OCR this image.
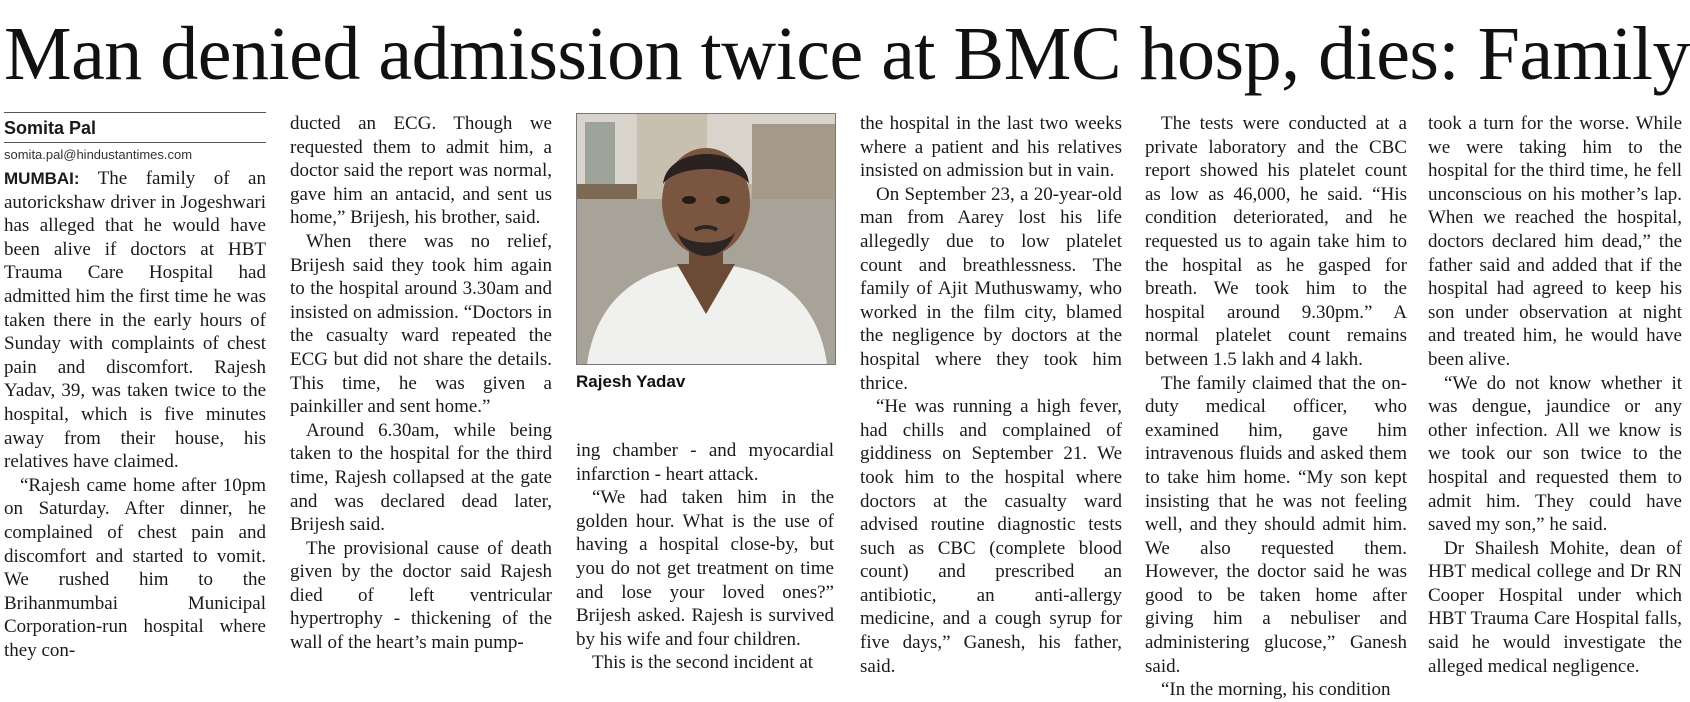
Man denied admission twice at BMC hosp, dies: Family
Somita Pal
somita.pal@hindustantimes.com

MUMBAI: The family of an autorickshaw driver in Jogeshwari has alleged that he would have been alive if doctors at HBT Trauma Care Hospital had admitted him the first time he was taken there in the early hours of Sunday with complaints of chest pain and discomfort. Rajesh Yadav, 39, was taken twice to the hospital, which is five minutes away from their house, his relatives have claimed.

“Rajesh came home after 10pm on Saturday. After dinner, he complained of chest pain and discomfort and started to vomit. We rushed him to the Brihanmumbai Municipal Corporation-run hospital where they con-

ducted an ECG. Though we requested them to admit him, a doctor said the report was normal, gave him an antacid, and sent us home,” Brijesh, his brother, said.

When there was no relief, Brijesh said they took him again to the hospital around 3.30am and insisted on admission. “Doctors in the casualty ward repeated the ECG but did not share the details. This time, he was given a painkiller and sent home.”

Around 6.30am, while being taken to the hospital for the third time, Rajesh collapsed at the gate and was declared dead later, Brijesh said.

The provisional cause of death given by the doctor said Rajesh died of left ventricular hypertrophy - thickening of the wall of the heart’s main pump-

Rajesh Yadav

ing chamber - and myocardial infarction - heart attack.

“We had taken him in the golden hour. What is the use of having a hospital close-by, but you do not get treatment on time and lose your loved ones?” Brijesh asked. Rajesh is survived by his wife and four children.

This is the second incident at

the hospital in the last two weeks where a patient and his relatives insisted on admission but in vain.

On September 23, a 20-year-old man from Aarey lost his life allegedly due to low platelet count and breathlessness. The family of Ajit Muthuswamy, who worked in the film city, blamed the negligence by doctors at the hospital where they took him thrice.

“He was running a high fever, had chills and complained of giddiness on September 21. We took him to the hospital where doctors at the casualty ward advised routine diagnostic tests such as CBC (complete blood count) and prescribed an antibiotic, an anti-allergy medicine, and a cough syrup for five days,” Ganesh, his father, said.

The tests were conducted at a private laboratory and the CBC report showed his platelet count as low as 46,000, he said. “His condition deteriorated, and he requested us to again take him to the hospital as he gasped for breath. We took him to the hospital around 9.30pm.” A normal platelet count remains between 1.5 lakh and 4 lakh.

The family claimed that the on-duty medical officer, who examined him, gave him intravenous fluids and asked them to take him home. “My son kept insisting that he was not feeling well, and they should admit him. We also requested them. However, the doctor said he was good to be taken home after giving him a nebuliser and administering glucose,” Ganesh said.

“In the morning, his condition

took a turn for the worse. While we were taking him to the hospital for the third time, he fell unconscious on his mother’s lap. When we reached the hospital, doctors declared him dead,” the father said and added that if the hospital had agreed to keep his son under observation at night and treated him, he would have been alive.

“We do not know whether it was dengue, jaundice or any other infection. All we know is we took our son twice to the hospital and requested them to admit him. They could have saved my son,” he said.

Dr Shailesh Mohite, dean of HBT medical college and Dr RN Cooper Hospital under which HBT Trauma Care Hospital falls, said he would investigate the alleged medical negligence.
